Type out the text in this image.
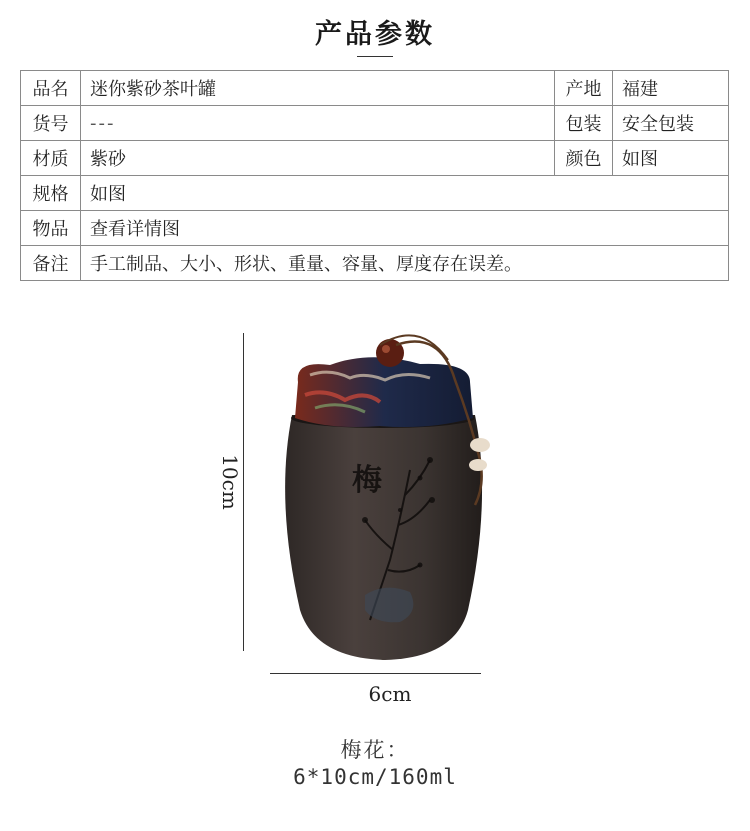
产品参数
品名	迷你紫砂茶叶罐	产地	福建
货号	---	包装	安全包装
材质	紫砂	颜色	如图
规格	如图		
物品	查看详情图		
备注	手工制品、大小、形状、重量、容量、厚度存在误差。		
10cm	梅
6cm
梅花：
6*10cm/160ml
